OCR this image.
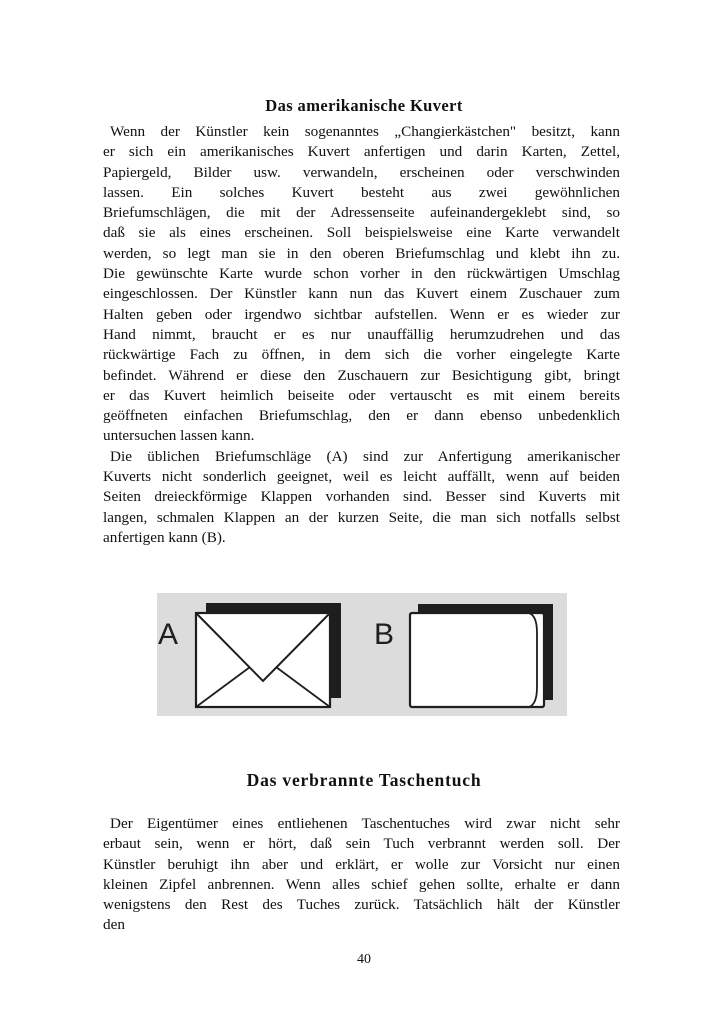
Das amerikanische Kuvert
Wenn der Künstler kein sogenanntes „Changierkästchen" besitzt, kann
er sich ein amerikanisches Kuvert anfertigen und darin Karten, Zettel,
Papiergeld, Bilder usw. verwandeln, erscheinen oder verschwinden
lassen. Ein solches Kuvert besteht aus zwei gewöhnlichen
Briefumschlägen, die mit der Adressenseite aufeinandergeklebt sind, so
daß sie als eines erscheinen. Soll beispielsweise eine Karte verwandelt
werden, so legt man sie in den oberen Briefumschlag und klebt ihn zu.
Die gewünschte Karte wurde schon vorher in den rückwärtigen Umschlag
eingeschlossen. Der Künstler kann nun das Kuvert einem Zuschauer zum
Halten geben oder irgendwo sichtbar aufstellen. Wenn er es wieder zur
Hand nimmt, braucht er es nur unauffällig herumzudrehen und das
rückwärtige Fach zu öffnen, in dem sich die vorher eingelegte Karte
befindet. Während er diese den Zuschauern zur Besichtigung gibt, bringt
er das Kuvert heimlich beiseite oder vertauscht es mit einem bereits
geöffneten einfachen Briefumschlag, den er dann ebenso unbedenklich
untersuchen lassen kann.
Die üblichen Briefumschläge (A) sind zur Anfertigung amerikanischer
Kuverts nicht sonderlich geeignet, weil es leicht auffällt, wenn auf beiden
Seiten dreieckförmige Klappen vorhanden sind. Besser sind Kuverts mit
langen, schmalen Klappen an der kurzen Seite, die man sich notfalls selbst
anfertigen kann (B).
A	B
Das verbrannte Taschentuch
Der Eigentümer eines entliehenen Taschentuches wird zwar nicht sehr
erbaut sein, wenn er hört, daß sein Tuch verbrannt werden soll. Der
Künstler beruhigt ihn aber und erklärt, er wolle zur Vorsicht nur einen
kleinen Zipfel anbrennen. Wenn alles schief gehen sollte, erhalte er dann
wenigstens den Rest des Tuches zurück. Tatsächlich hält der Künstler
den
40
